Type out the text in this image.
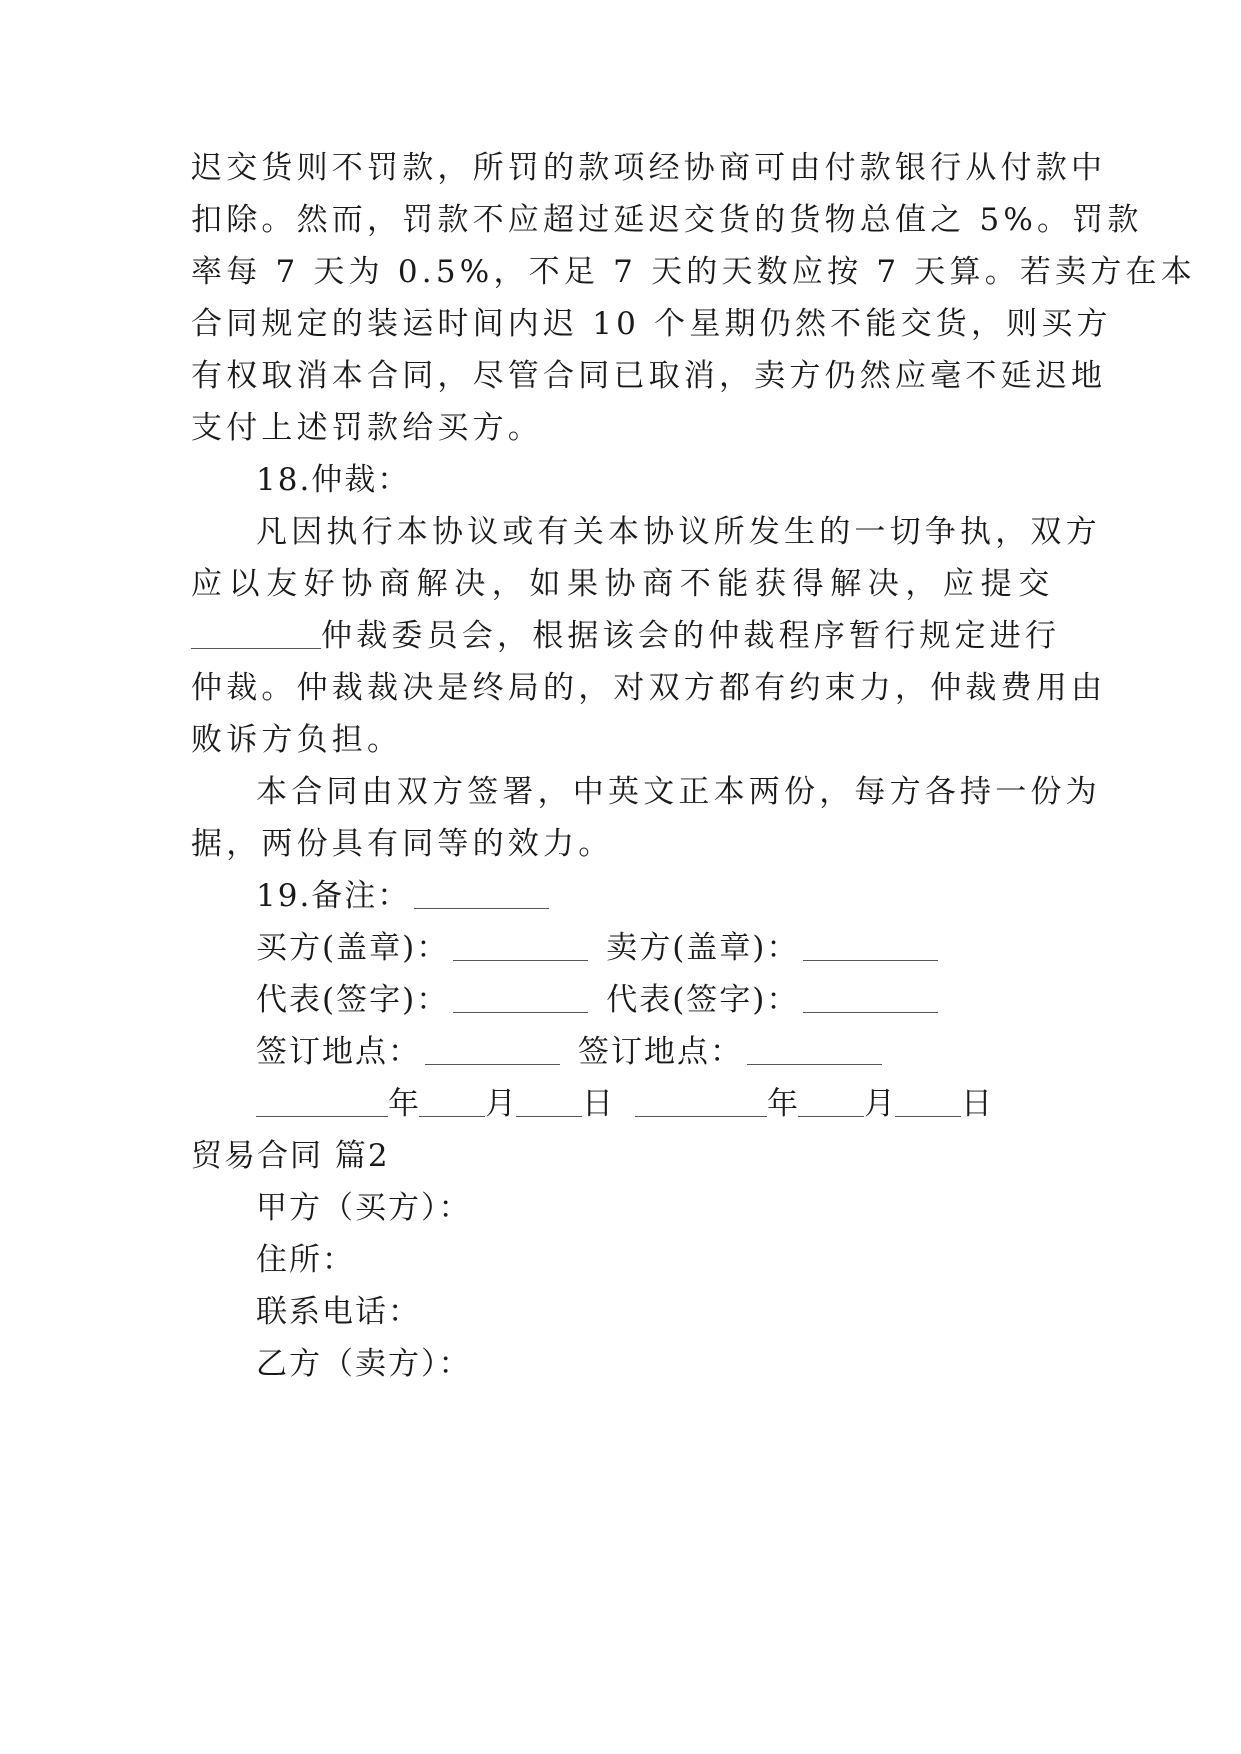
迟交货则不罚款，所罚的款项经协商可由付款银行从付款中

扣除。然而，罚款不应超过延迟交货的货物总值之 5%。罚款

率每 7 天为 0.5%，不足 7 天的天数应按 7 天算。若卖方在本

合同规定的装运时间内迟 10 个星期仍然不能交货，则买方

有权取消本合同，尽管合同已取消，卖方仍然应毫不延迟地

支付上述罚款给买方。

18.仲裁：

凡因执行本协议或有关本协议所发生的一切争执，双方

应以友好协商解决，如果协商不能获得解决，应提交

仲裁委员会，根据该会的仲裁程序暂行规定进行

仲裁。仲裁裁决是终局的，对双方都有约束力，仲裁费用由

败诉方负担。

本合同由双方签署，中英文正本两份，每方各持一份为

据，两份具有同等的效力。

19.备注：

买方(盖章)：	卖方(盖章)：

代表(签字)：	代表(签字)：

签订地点：	签订地点：

年 月 日	年 月 日

贸易合同 篇2

甲方（买方）：

住所：

联系电话：

乙方（卖方）：
